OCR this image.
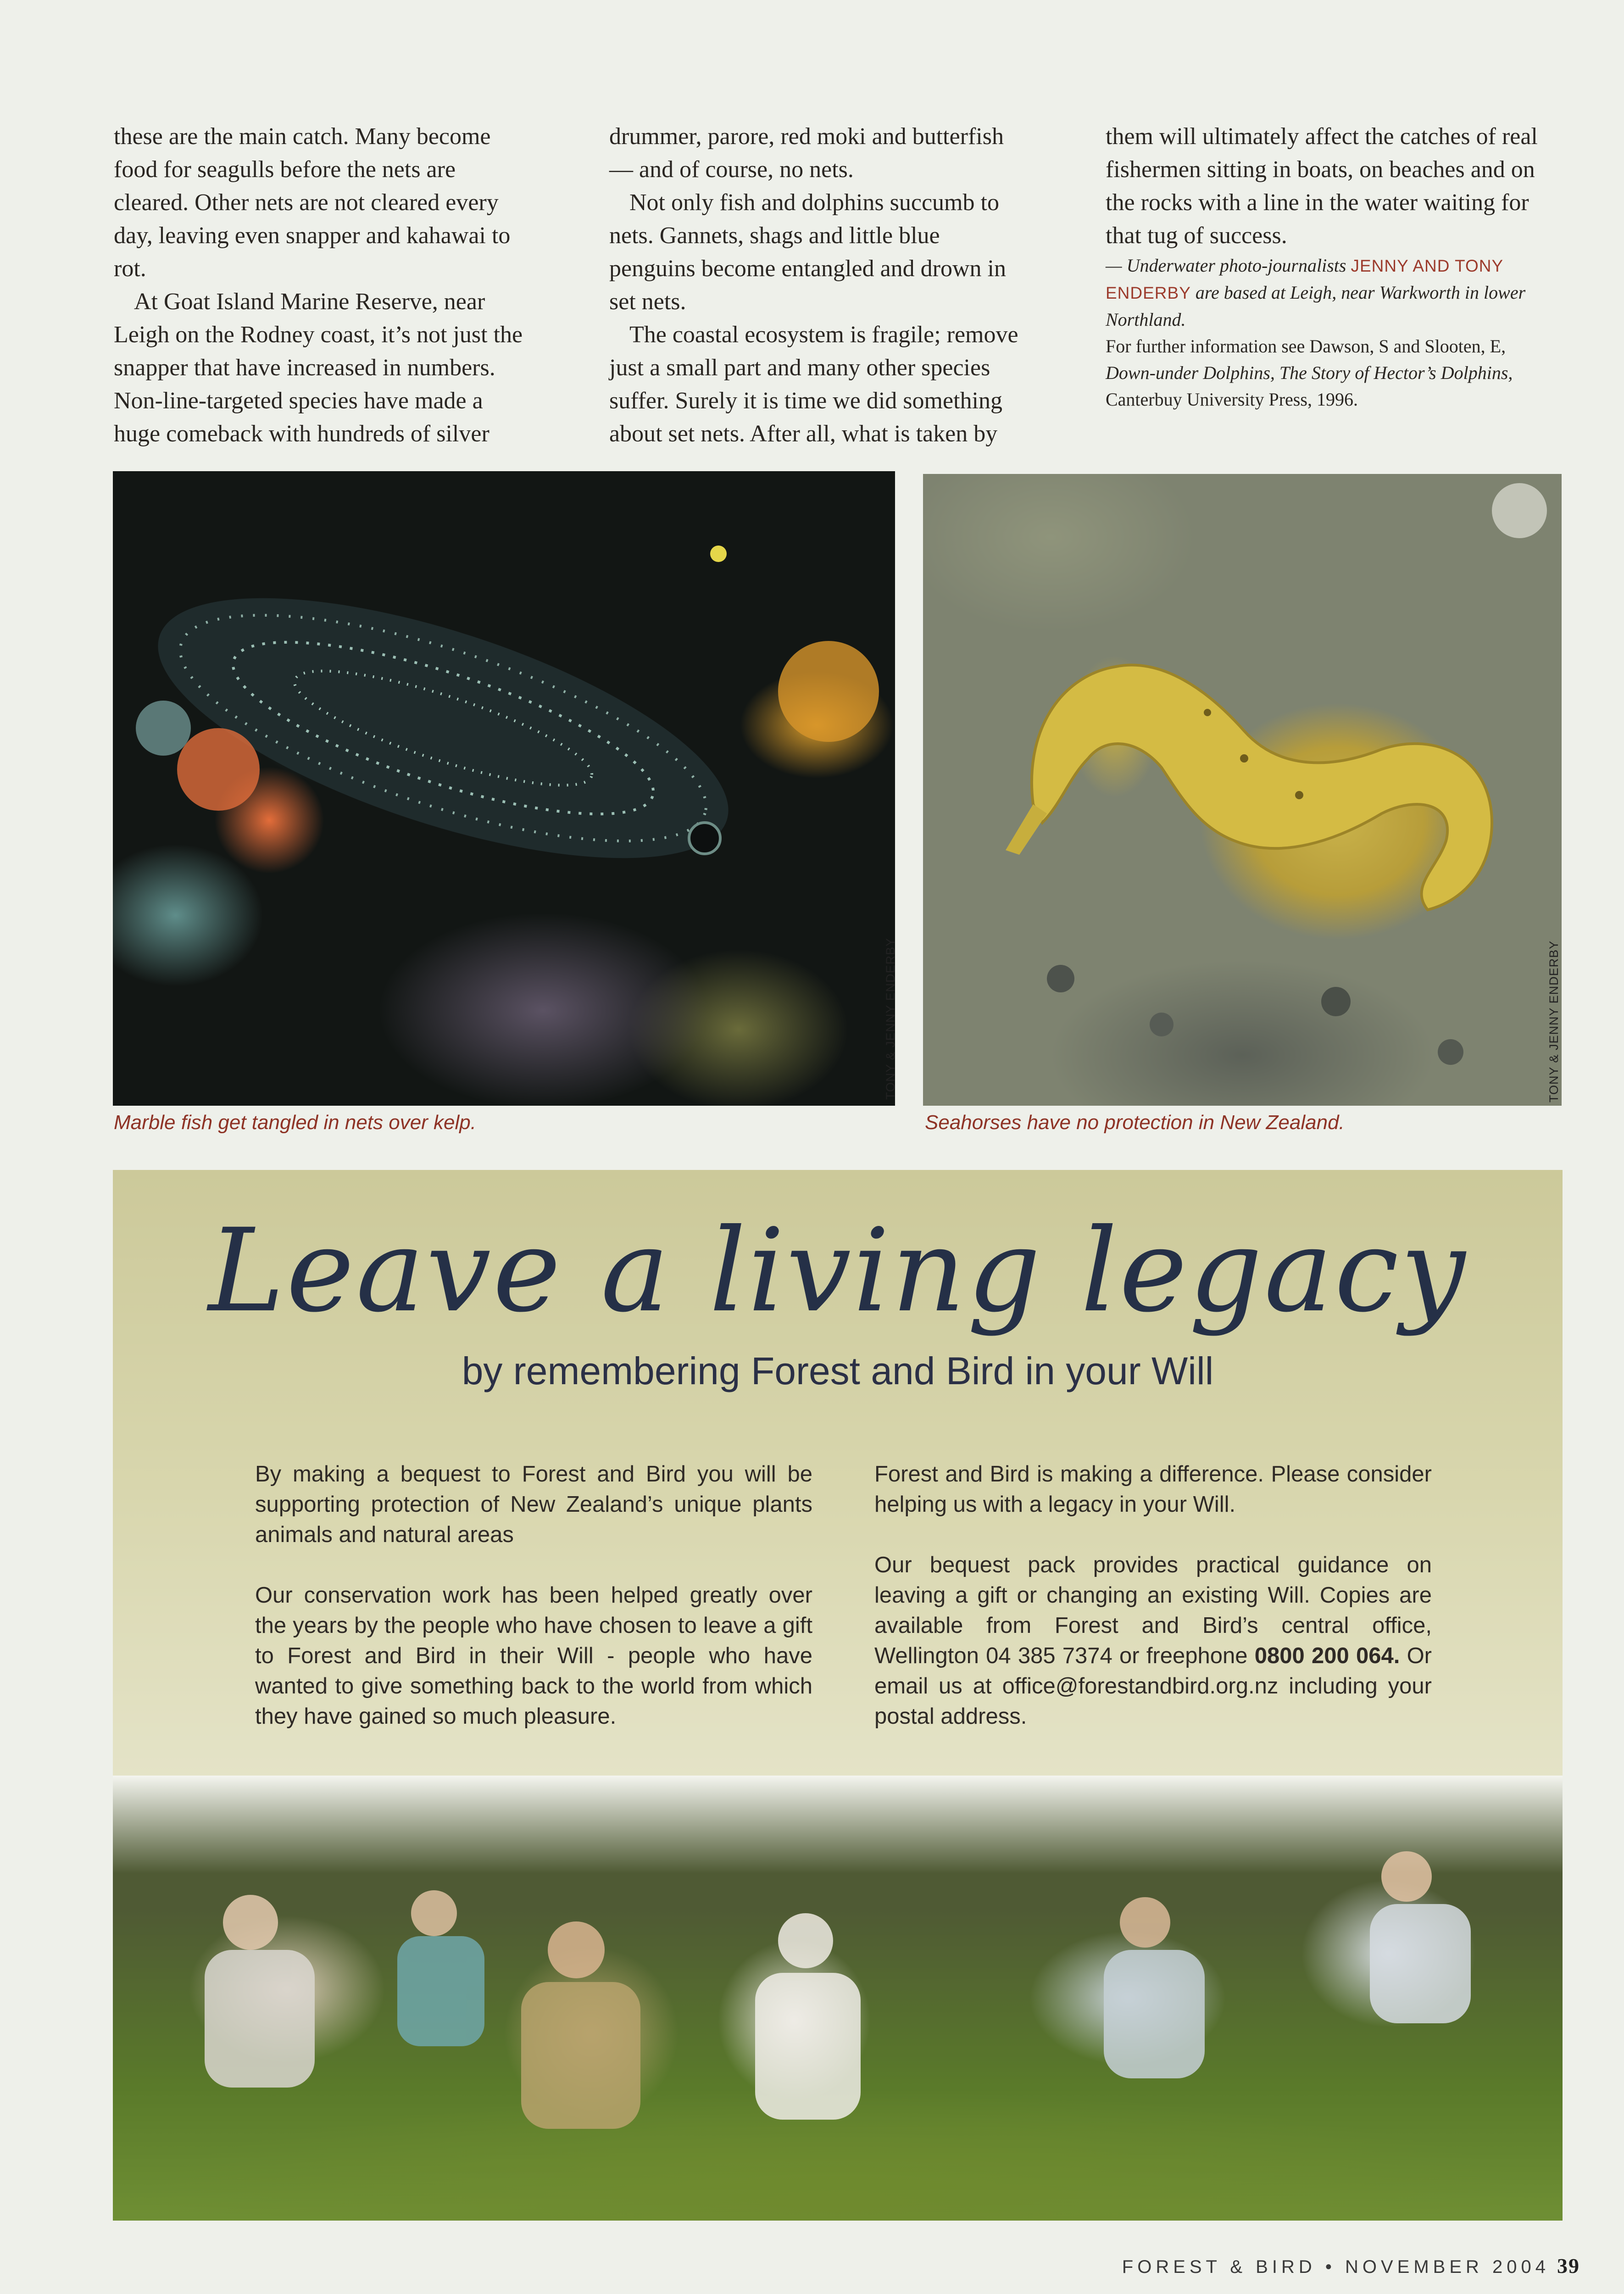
these are the main catch. Many become food for seagulls before the nets are cleared. Other nets are not cleared every day, leaving even snapper and kahawai to rot.

At Goat Island Marine Reserve, near Leigh on the Rodney coast, it’s not just the snapper that have increased in numbers. Non-line-targeted species have made a huge comeback with hundreds of silver

drummer, parore, red moki and butterfish — and of course, no nets.

Not only fish and dolphins succumb to nets. Gannets, shags and little blue penguins become entangled and drown in set nets.

The coastal ecosystem is fragile; remove just a small part and many other species suffer. Surely it is time we did something about set nets. After all, what is taken by

them will ultimately affect the catches of real fishermen sitting in boats, on beaches and on the rocks with a line in the water waiting for that tug of success.

— Underwater photo-journalists JENNY AND TONY ENDERBY are based at Leigh, near Warkworth in lower Northland.

For further information see Dawson, S and Slooten, E, Down-under Dolphins, The Story of Hector’s Dolphins, Canterbuy University Press, 1996.

TONY & JENNY ENDERBY	TONY & JENNY ENDERBY
Marble fish get tangled in nets over kelp.	Seahorses have no protection in New Zealand.
Leave a living legacy
by remembering Forest and Bird in your Will

By making a bequest to Forest and Bird you will be supporting protection of New Zealand’s unique plants animals and natural areas

Our conservation work has been helped greatly over the years by the people who have chosen to leave a gift to Forest and Bird in their Will - people who have wanted to give something back to the world from which they have gained so much pleasure.

Forest and Bird is making a difference. Please consider helping us with a legacy in your Will.

Our bequest pack provides practical guidance on leaving a gift or changing an existing Will. Copies are available from Forest and Bird’s central office, Wellington 04 385 7374 or freephone 0800 200 064. Or email us at office@forestandbird.org.nz including your postal address.

FOREST & BIRD • NOVEMBER 2004 39
